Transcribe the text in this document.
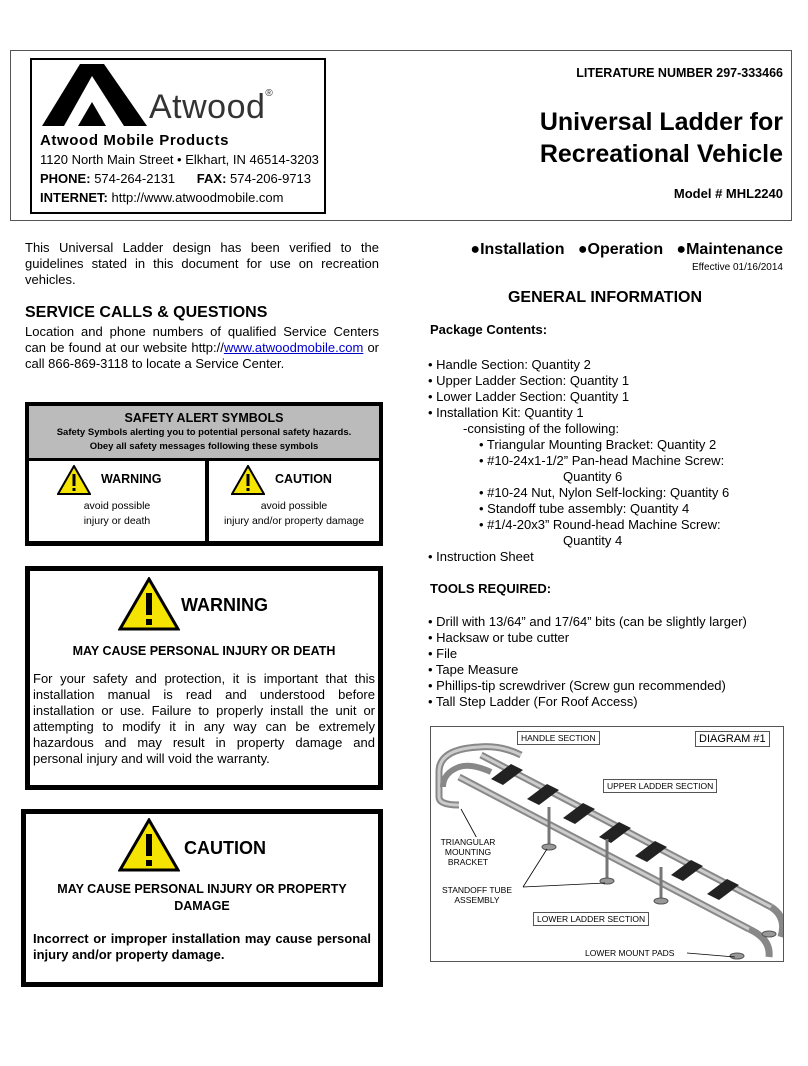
Atwood®
Atwood Mobile Products
1120 North Main Street • Elkhart, IN 46514-3203
PHONE: 574-264-2131 FAX: 574-206-9713
INTERNET: http://www.atwoodmobile.com
LITERATURE NUMBER 297-333466
Universal Ladder for
Recreational Vehicle
Model # MHL2240
This Universal Ladder design has been verified to the guidelines stated in this document for use on recreation vehicles.
SERVICE CALLS & QUESTIONS
Location and phone numbers of qualified Service Centers can be found at our website http://www.atwoodmobile.com or call 866-869-3118 to locate a Service Center.
SAFETY ALERT SYMBOLS
Safety Symbols alerting you to potential personal safety hazards.
Obey all safety messages following these symbols
WARNING
avoid possible
injury or death
CAUTION
avoid possible
injury and/or property damage
WARNING
MAY CAUSE PERSONAL INJURY OR DEATH
For your safety and protection, it is important that this installation manual is read and understood before installation or use. Failure to properly install the unit or attempting to modify it in any way can be extremely hazardous and may result in property damage and personal injury and will void the warranty.
CAUTION
MAY CAUSE PERSONAL INJURY OR PROPERTY
DAMAGE
Incorrect or improper installation may cause personal injury and/or property damage.
●Installation   ●Operation   ●Maintenance
Effective 01/16/2014
GENERAL INFORMATION
Package Contents:
• Handle Section: Quantity 2
• Upper Ladder Section: Quantity 1
• Lower Ladder Section: Quantity 1
• Installation Kit: Quantity 1
-consisting of the following:
• Triangular Mounting Bracket: Quantity 2
• #10-24x1-1/2” Pan-head Machine Screw:
Quantity 6
• #10-24 Nut, Nylon Self-locking: Quantity 6
• Standoff tube assembly: Quantity 4
• #1/4-20x3” Round-head Machine Screw:
Quantity 4
• Instruction Sheet
TOOLS REQUIRED:
• Drill with 13/64” and 17/64” bits (can be slightly larger)
• Hacksaw or tube cutter
• File
• Tape Measure
• Phillips-tip screwdriver (Screw gun recommended)
• Tall Step Ladder (For Roof Access)
HANDLE SECTION	DIAGRAM #1
UPPER LADDER SECTION
TRIANGULAR
MOUNTING
BRACKET
STANDOFF TUBE
ASSEMBLY
LOWER LADDER SECTION
LOWER MOUNT PADS
